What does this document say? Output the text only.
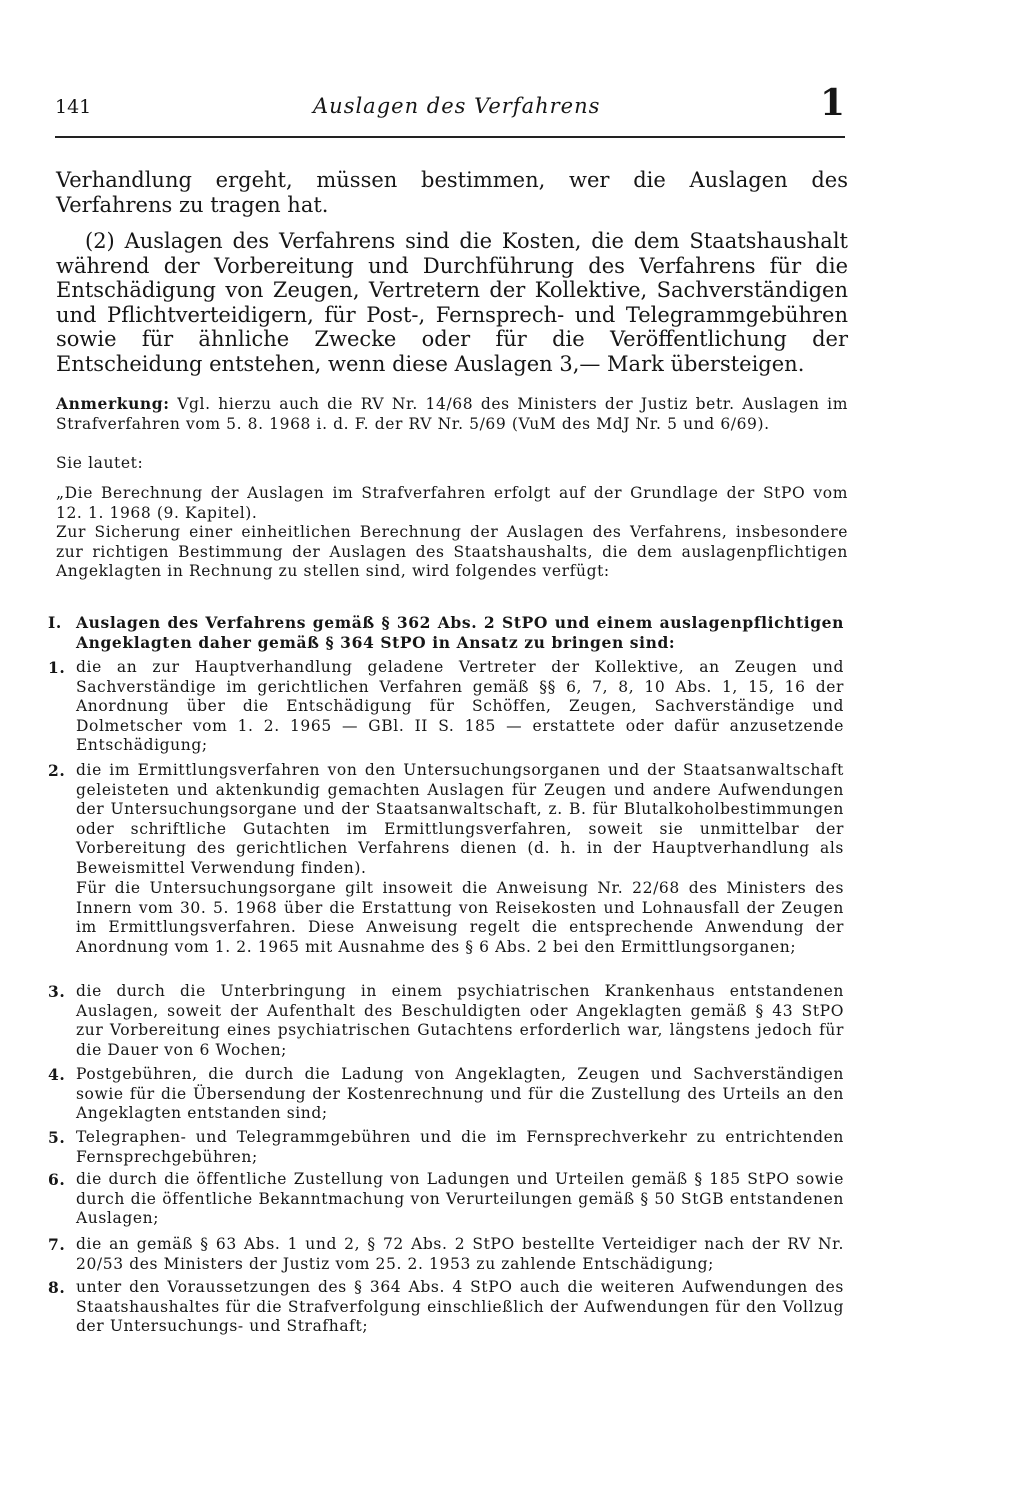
141	Auslagen des Verfahrens	1

Verhandlung ergeht, müssen bestimmen, wer die Auslagen des Verfahrens zu tragen hat.

(2) Auslagen des Verfahrens sind die Kosten, die dem Staatshaushalt während der Vorbereitung und Durchführung des Verfahrens für die Entschädigung von Zeugen, Vertretern der Kollektive, Sachverständigen und Pflichtverteidigern, für Post-, Fernsprech- und Telegrammgebühren sowie für ähnliche Zwecke oder für die Veröffentlichung der Entscheidung entstehen, wenn diese Auslagen 3,— Mark übersteigen.

Anmerkung: Vgl. hierzu auch die RV Nr. 14/68 des Ministers der Justiz betr. Auslagen im Strafverfahren vom 5. 8. 1968 i. d. F. der RV Nr. 5/69 (VuM des MdJ Nr. 5 und 6/69).

Sie lautet:

„Die Berechnung der Auslagen im Strafverfahren erfolgt auf der Grundlage der StPO vom 12. 1. 1968 (9. Kapitel).

Zur Sicherung einer einheitlichen Berechnung der Auslagen des Verfahrens, insbesondere zur richtigen Bestimmung der Auslagen des Staatshaushalts, die dem auslagenpflichtigen Angeklagten in Rechnung zu stellen sind, wird folgendes verfügt:

I. Auslagen des Verfahrens gemäß § 362 Abs. 2 StPO und einem auslagenpflichtigen Angeklagten daher gemäß § 364 StPO in Ansatz zu bringen sind:

1. die an zur Hauptverhandlung geladene Vertreter der Kollektive, an Zeugen und Sachverständige im gerichtlichen Verfahren gemäß §§ 6, 7, 8, 10 Abs. 1, 15, 16 der Anordnung über die Entschädigung für Schöffen, Zeugen, Sachverständige und Dolmetscher vom 1. 2. 1965 — GBl. II S. 185 — erstattete oder dafür anzusetzende Entschädigung;

2. die im Ermittlungsverfahren von den Untersuchungsorganen und der Staatsanwaltschaft geleisteten und aktenkundig gemachten Auslagen für Zeugen und andere Aufwendungen der Untersuchungsorgane und der Staatsanwaltschaft, z. B. für Blutalkoholbestimmungen oder schriftliche Gutachten im Ermittlungsverfahren, soweit sie unmittelbar der Vorbereitung des gerichtlichen Verfahrens dienen (d. h. in der Hauptverhandlung als Beweismittel Verwendung finden).

Für die Untersuchungsorgane gilt insoweit die Anweisung Nr. 22/68 des Ministers des Innern vom 30. 5. 1968 über die Erstattung von Reisekosten und Lohnausfall der Zeugen im Ermittlungsverfahren. Diese Anweisung regelt die entsprechende Anwendung der Anordnung vom 1. 2. 1965 mit Ausnahme des § 6 Abs. 2 bei den Ermittlungsorganen;

3. die durch die Unterbringung in einem psychiatrischen Krankenhaus entstandenen Auslagen, soweit der Aufenthalt des Beschuldigten oder Angeklagten gemäß § 43 StPO zur Vorbereitung eines psychiatrischen Gutachtens erforderlich war, längstens jedoch für die Dauer von 6 Wochen;

4. Postgebühren, die durch die Ladung von Angeklagten, Zeugen und Sachverständigen sowie für die Übersendung der Kostenrechnung und für die Zustellung des Urteils an den Angeklagten entstanden sind;

5. Telegraphen- und Telegrammgebühren und die im Fernsprechverkehr zu entrichtenden Fernsprechgebühren;

6. die durch die öffentliche Zustellung von Ladungen und Urteilen gemäß § 185 StPO sowie durch die öffentliche Bekanntmachung von Verurteilungen gemäß § 50 StGB entstandenen Auslagen;

7. die an gemäß § 63 Abs. 1 und 2, § 72 Abs. 2 StPO bestellte Verteidiger nach der RV Nr. 20/53 des Ministers der Justiz vom 25. 2. 1953 zu zahlende Entschädigung;

8. unter den Voraussetzungen des § 364 Abs. 4 StPO auch die weiteren Aufwendungen des Staatshaushaltes für die Strafverfolgung einschließlich der Aufwendungen für den Vollzug der Untersuchungs- und Strafhaft;
